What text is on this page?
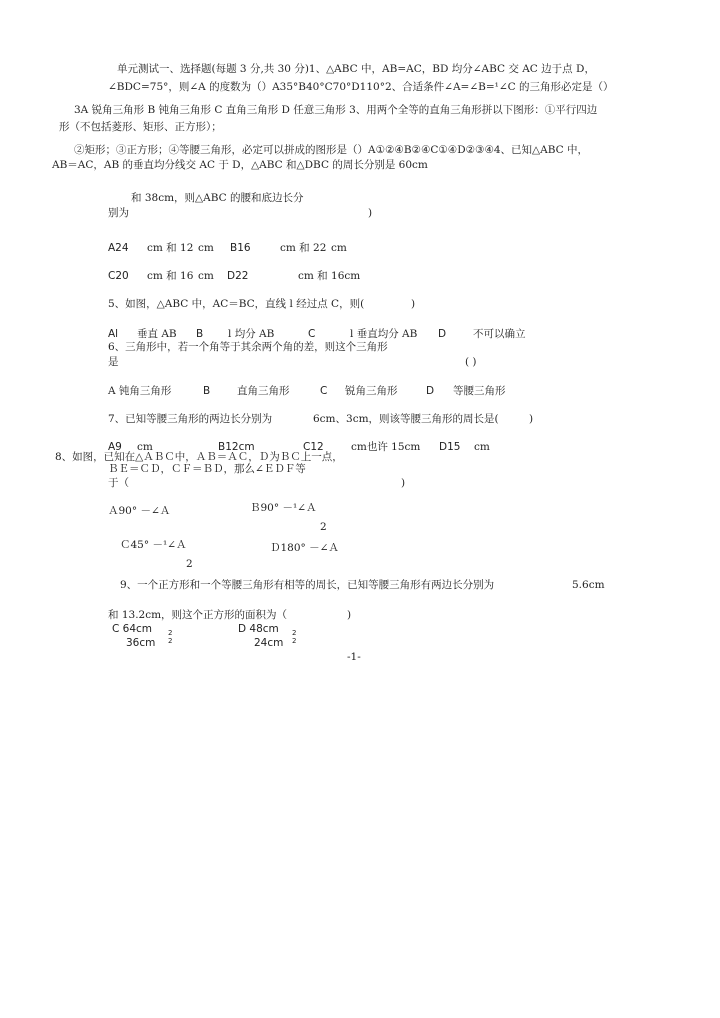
单元测试一、选择题(每题 3 分,共 30 分)1、△ABC 中，AB=AC，BD 均分∠ABC 交 AC 边于点 D，
∠BDC=75°，则∠A 的度数为（）A35°B40°C70°D110°2、合适条件∠A=∠B=¹∠C 的三角形必定是（）
3A 锐角三角形 B 钝角三角形 C 直角三角形 D 任意三角形 3、用两个全等的直角三角形拼以下图形：①平行四边
形（不包括菱形、矩形、正方形）；
②矩形；③正方形；④等腰三角形，必定可以拼成的图形是（）A①②④B②④C①④D②③④4、已知△ABC 中，
AB＝AC，AB 的垂直均分线交 AC 于 D，△ABC 和△DBC 的周长分别是 60cm
和 38cm，则△ABC 的腰和底边长分
别为	)
A24 cm 和 12 cm B16	cm 和 22 cm
C20 cm 和 16 cm D22	cm 和 16cm
5、如图，△ABC 中，AC＝BC，直线 l 经过点 C，则(	)
Al 垂直 AB B l 均分 AB	C	l 垂直均分 AB D	不可以确立
6、三角形中，若一个角等于其余两个角的差，则这个三角形
是	( )
A 钝角三角形	B	直角三角形	C 锐角三角形	D 等腰三角形
7、已知等腰三角形的两边长分别为	6cm、3cm，则该等腰三角形的周长是(	)
A9 cm	B12cm	C12	cm也许 15cm D15 cm
8、如图，已知在△ＡＢＣ中，ＡＢ＝ＡＣ，Ｄ为ＢＣ上一点，
ＢＥ＝ＣＤ，ＣＦ＝ＢＤ，那么∠ＥＤＦ等
于（	)
Ａ90° －∠Ａ	Ｂ90° －¹∠Ａ
2
Ｃ45° －¹∠Ａ	Ｄ180° －∠Ａ
2
9、一个正方形和一个等腰三角形有相等的周长，已知等腰三角形有两边长分别为	5.6cm
和 13.2cm，则这个正方形的面积为（	)
C 64cm 2	D 48cm 2
36cm 2	24cm 2
-1-
